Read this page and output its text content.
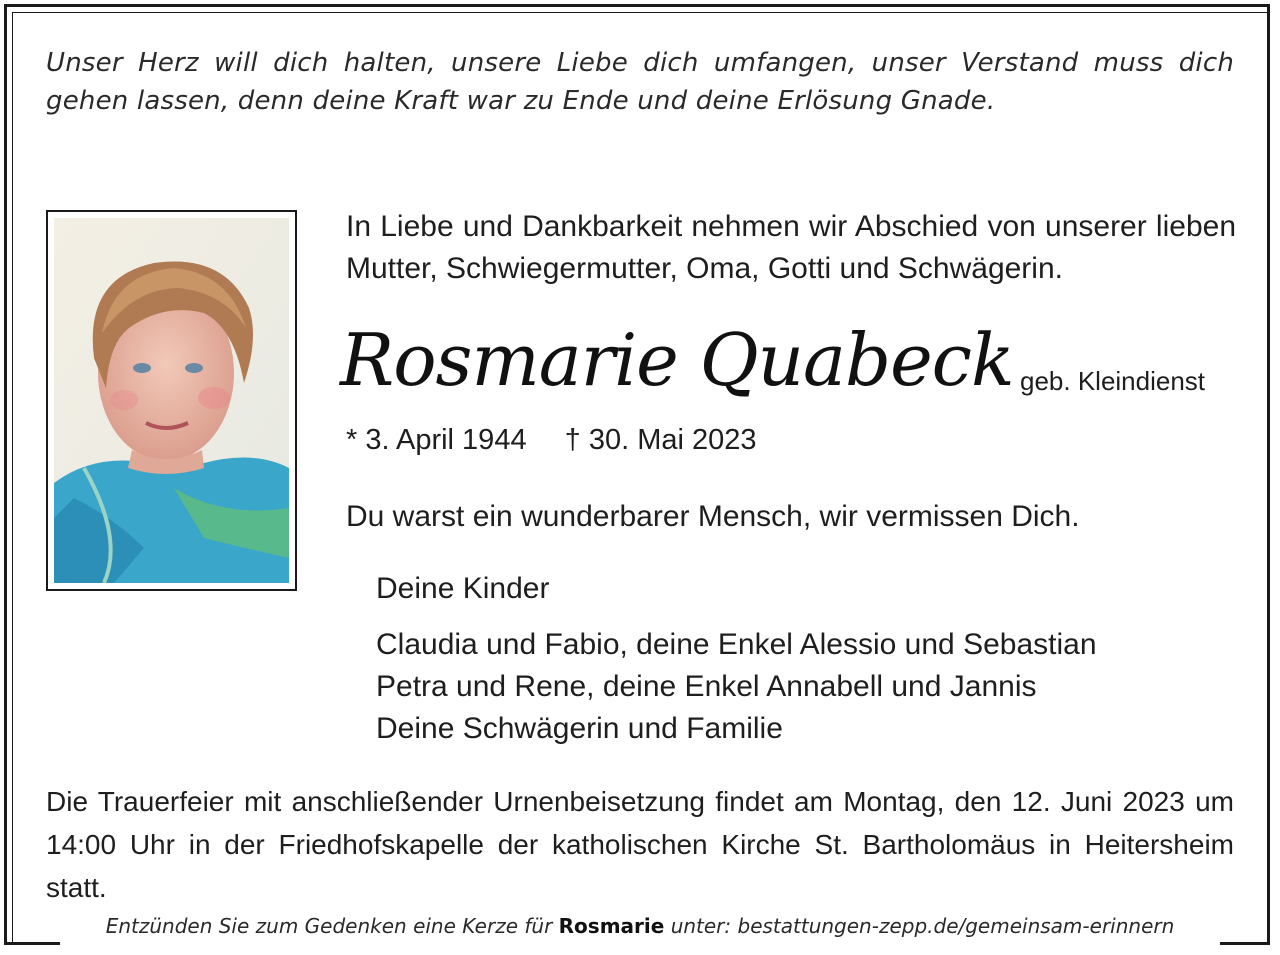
Unser Herz will dich halten, unsere Liebe dich umfangen, unser Verstand muss dich gehen lassen, denn deine Kraft war zu Ende und deine Erlösung Gnade.
In Liebe und Dankbarkeit nehmen wir Abschied von unserer lieben Mutter, Schwiegermutter, Oma, Gotti und Schwägerin.
Rosmarie Quabeck geb. Kleindienst
* 3. April 1944 † 30. Mai 2023
Du warst ein wunderbarer Mensch, wir vermissen Dich.
Deine Kinder
Claudia und Fabio, deine Enkel Alessio und Sebastian
Petra und Rene, deine Enkel Annabell und Jannis
Deine Schwägerin und Familie
Die Trauerfeier mit anschließender Urnenbeisetzung findet am Montag, den 12. Juni 2023 um 14:00 Uhr in der Friedhofskapelle der katholischen Kirche St. Bartholomäus in Heitersheim statt.
Entzünden Sie zum Gedenken eine Kerze für Rosmarie unter: bestattungen-zepp.de/gemeinsam-erinnern
